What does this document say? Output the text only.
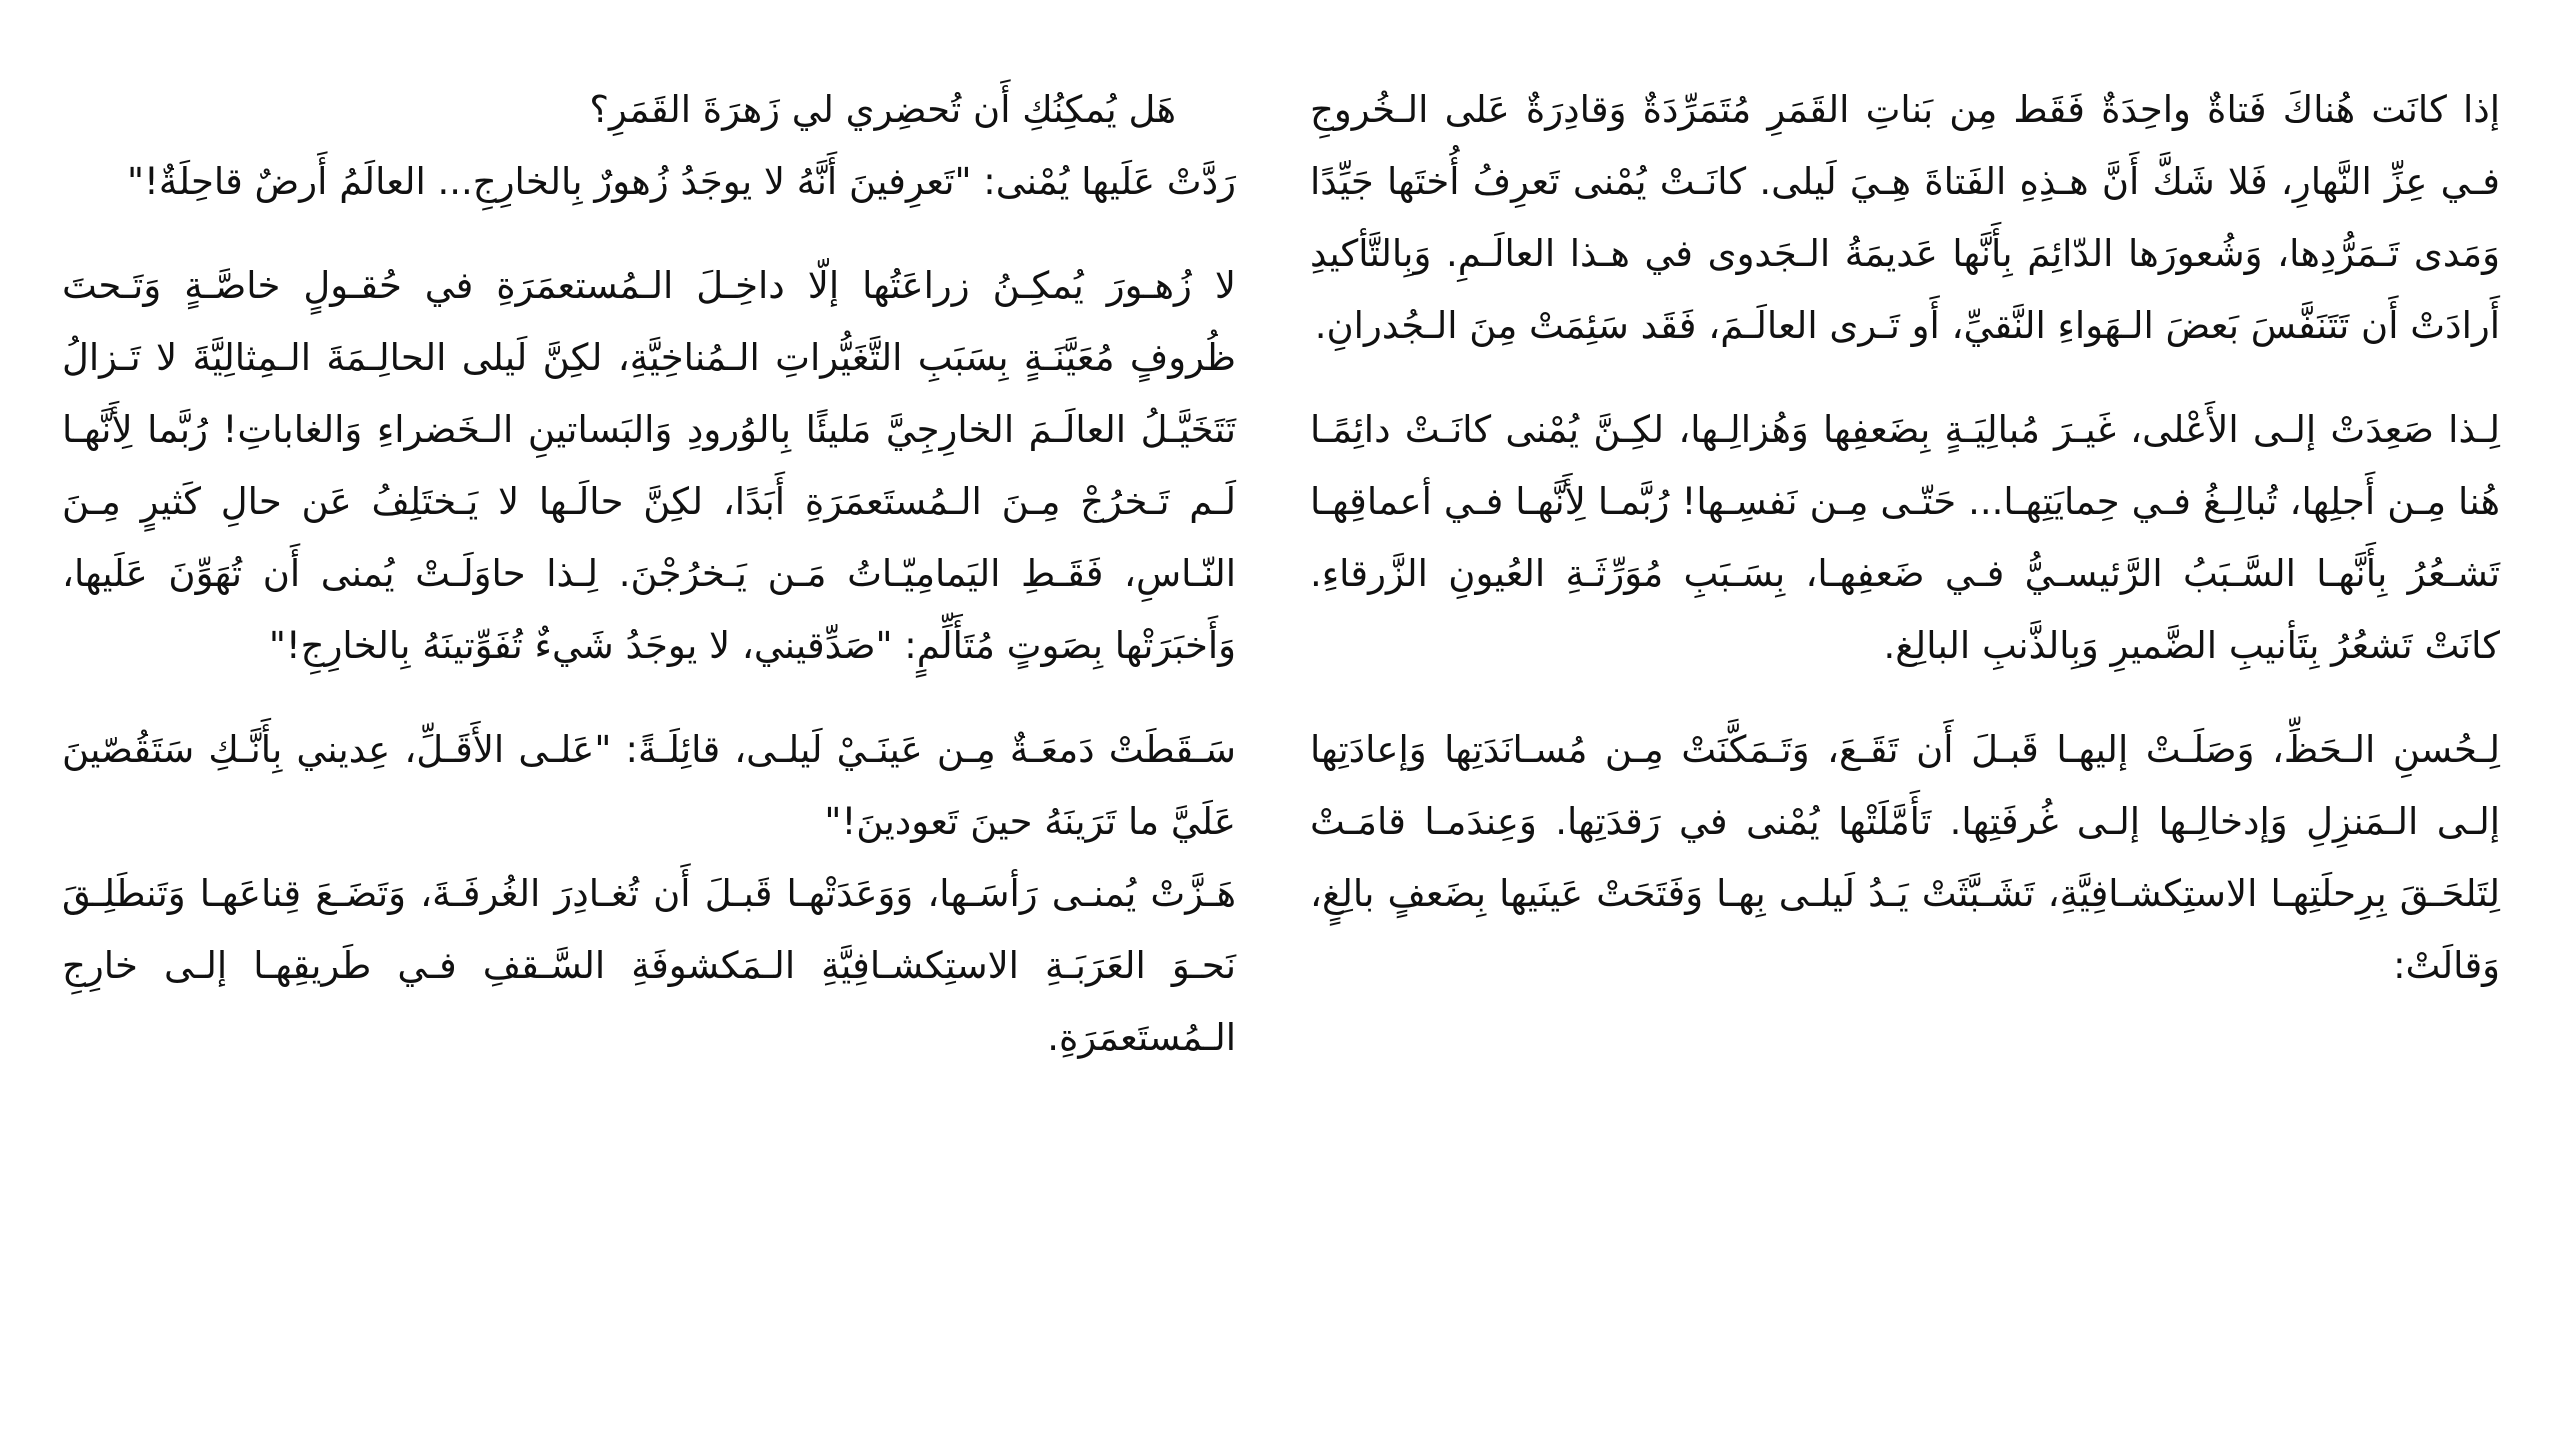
إذا كانَت هُناكَ فَتاةٌ واحِدَةٌ فَقَط مِن بَناتِ القَمَرِ مُتَمَرِّدَةٌ وَقادِرَةٌ عَلى الـخُروجِ فـي عِزِّ النَّهارِ، فَلا شَكَّ أَنَّ هـذِهِ الفَتاةَ هِـيَ لَيلى. كانَـتْ يُمْنى تَعرِفُ أُختَها جَيِّدًا وَمَدى تَـمَرُّدِها، وَشُعورَها الدّائِمَ بِأَنَّها عَديمَةُ الـجَدوى في هـذا العالَـمِ. وَبِالتَّأكيدِ أَرادَتْ أَن تَتَنَفَّسَ بَعضَ الـهَواءِ النَّقيِّ، أَو تَـرى العالَـمَ، فَقَد سَئِمَتْ مِنَ الـجُدرانِ.

لِـذا صَعِدَتْ إلـى الأَعْلى، غَيـرَ مُبالِيَـةٍ بِضَعفِها وَهُزالِـها، لكِـنَّ يُمْنى كانَـتْ دائِمًـا هُنا مِـن أَجلِها، تُبالِـغُ فـي حِمايَتِهـا... حَتّـى مِـن نَفسِـها! رُبَّمـا لِأَنَّهـا فـي أعماقِهـا تَشـعُرُ بِأَنَّهـا السَّـبَبُ الرَّئيسـيُّ فـي ضَعفِهـا، بِسَـبَبِ مُوَرِّثَـةِ العُيونِ الزَّرقاءِ. كانَتْ تَشعُرُ بِتَأنيبِ الضَّميرِ وَبِالذَّنبِ البالِغ.

لِـحُسنِ الـحَظِّ، وَصَلَـتْ إليهـا قَبـلَ أَن تَقَـعَ، وَتَـمَكَّنَتْ مِـن مُسـانَدَتِها وَإعادَتِها إلـى الـمَنزِلِ وَإدخالِـها إلـى غُرفَتِها. تَأَمَّلَتْها يُمْنى في رَقدَتِها. وَعِندَمـا قامَـتْ لِتَلحَـقَ بِرِحلَتِهـا الاستِكشـافِيَّةِ، تَشَـبَّثَتْ يَـدُ لَيلـى بِهـا وَفَتَحَتْ عَينَيها بِضَعفٍ بالِغٍ، وَقالَتْ:

هَل يُمكِنُكِ أَن تُحضِري لي زَهرَةَ القَمَرِ؟

رَدَّتْ عَلَيها يُمْنى: "تَعرِفينَ أَنَّهُ لا يوجَدُ زُهورٌ بِالخارِجِ... العالَمُ أَرضٌ قاحِلَةٌ!"

لا زُهـورَ يُمكِـنُ زراعَتُها إلّا داخِـلَ الـمُستعمَرَةِ في حُقـولٍ خاصَّـةٍ وَتَـحتَ ظُروفٍ مُعَيَّنَـةٍ بِسَبَبِ التَّغَيُّراتِ الـمُناخِيَّةِ، لكِنَّ لَيلى الحالِـمَةَ الـمِثالِيَّةَ لا تَـزالُ تَتَخَيَّـلُ العالَـمَ الخارِجِيَّ مَليئًا بِالوُرودِ وَالبَساتينِ الـخَضراءِ وَالغاباتِ! رُبَّما لِأَنَّهـا لَـم تَـخرُجْ مِـنَ الـمُستَعمَرَةِ أَبَدًا، لكِنَّ حالَـها لا يَـختَلِفُ عَن حالِ كَثيرٍ مِـنَ النّـاسِ، فَقَـطِ اليَمامِيّـاتُ مَـن يَـخرُجْنَ. لِـذا حاوَلَـتْ يُمنى أَن تُهَوِّنَ عَلَيها، وَأَخبَرَتْها بِصَوتٍ مُتَأَلِّمٍ: "صَدِّقيني، لا يوجَدُ شَيءٌ تُفَوِّتينَهُ بِالخارِجِ!"

سَـقَطَتْ دَمعَـةٌ مِـن عَينَـيْ لَيلـى، قائِلَـةً: "عَلـى الأَقَـلِّ، عِديني بِأَنَّـكِ سَتَقُصّينَ عَلَيَّ ما تَرَينَهُ حينَ تَعودينَ!"

هَـزَّتْ يُمنـى رَأسَـها، وَوَعَدَتْهـا قَبـلَ أَن تُغـادِرَ الغُرفَـةَ، وَتَضَـعَ قِناعَهـا وَتَنطَلِـقَ نَحـوَ العَرَبَـةِ الاستِكشـافِيَّةِ الـمَكشوفَةِ السَّـقفِ فـي طَريقِهـا إلـى خارِجِ الـمُستَعمَرَةِ.
